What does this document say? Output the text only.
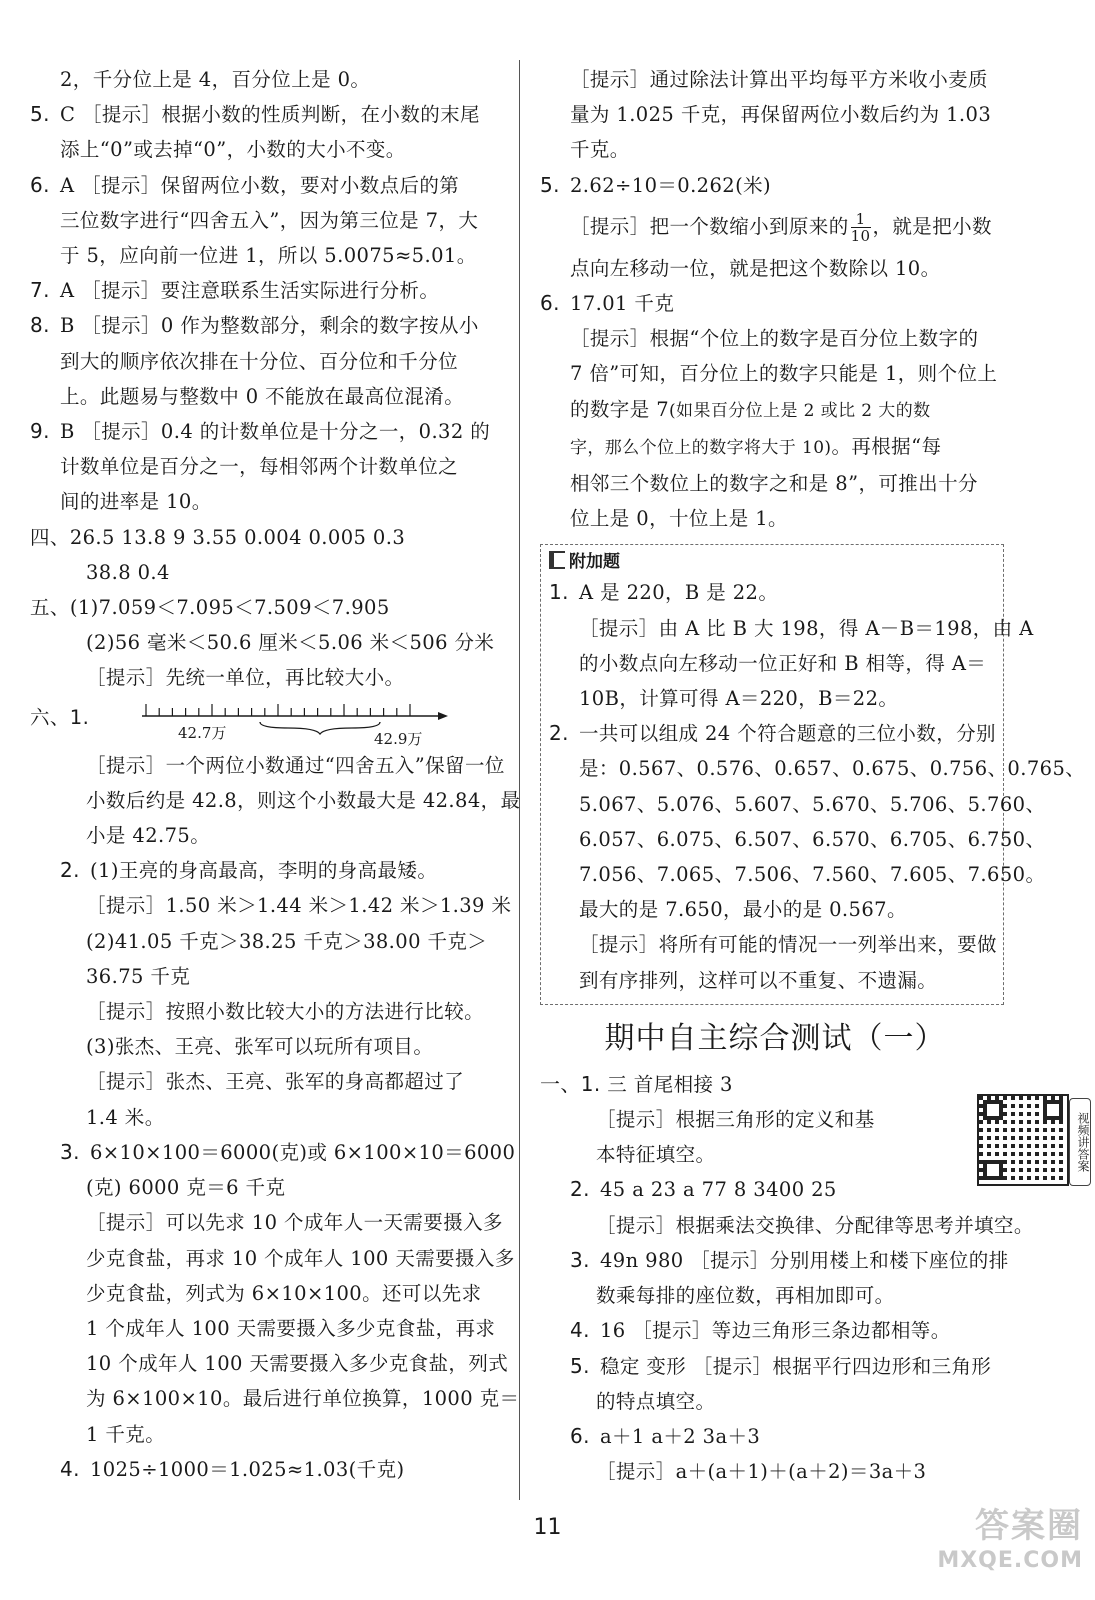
2，千分位上是 4，百分位上是 0。
5. C ［提示］根据小数的性质判断，在小数的末尾
添上“0”或去掉“0”，小数的大小不变。
6. A ［提示］保留两位小数，要对小数点后的第
三位数字进行“四舍五入”，因为第三位是 7，大
于 5，应向前一位进 1，所以 5.0075≈5.01。
7. A ［提示］要注意联系生活实际进行分析。
8. B ［提示］0 作为整数部分，剩余的数字按从小
到大的顺序依次排在十分位、百分位和千分位
上。此题易与整数中 0 不能放在最高位混淆。
9. B ［提示］0.4 的计数单位是十分之一，0.32 的
计数单位是百分之一，每相邻两个计数单位之
间的进率是 10。
四、26.5 13.8 9 3.55 0.004 0.005 0.3
38.8 0.4
五、(1)7.059＜7.095＜7.509＜7.905
(2)56 毫米＜50.6 厘米＜5.06 米＜506 分米
［提示］先统一单位，再比较大小。
六、1.
42.7万	42.9万
［提示］一个两位小数通过“四舍五入”保留一位
小数后约是 42.8，则这个小数最大是 42.84，最
小是 42.75。
2. (1)王亮的身高最高，李明的身高最矮。
［提示］1.50 米＞1.44 米＞1.42 米＞1.39 米
(2)41.05 千克＞38.25 千克＞38.00 千克＞
36.75 千克
［提示］按照小数比较大小的方法进行比较。
(3)张杰、王亮、张军可以玩所有项目。
［提示］张杰、王亮、张军的身高都超过了
1.4 米。
3. 6×10×100＝6000(克)或 6×100×10＝6000
(克) 6000 克＝6 千克
［提示］可以先求 10 个成年人一天需要摄入多
少克食盐，再求 10 个成年人 100 天需要摄入多
少克食盐，列式为 6×10×100。还可以先求
1 个成年人 100 天需要摄入多少克食盐，再求
10 个成年人 100 天需要摄入多少克食盐，列式
为 6×100×10。最后进行单位换算，1000 克＝
1 千克。
4. 1025÷1000＝1.025≈1.03(千克)
［提示］通过除法计算出平均每平方米收小麦质
量为 1.025 千克，再保留两位小数后约为 1.03
千克。
5. 2.62÷10＝0.262(米)
［提示］把一个数缩小到原来的 $\frac{1}{10}$ ，就是把小数
点向左移动一位，就是把这个数除以 10。
6. 17.01 千克
［提示］根据“个位上的数字是百分位上数字的
7 倍”可知，百分位上的数字只能是 1，则个位上
的数字是 7(如果百分位上是 2 或比 2 大的数
字，那么个位上的数字将大于 10)。再根据“每
相邻三个数位上的数字之和是 8”，可推出十分
位上是 0，十位上是 1。
附加题
1. A 是 220，B 是 22。
［提示］由 A 比 B 大 198，得 A－B＝198，由 A
的小数点向左移动一位正好和 B 相等，得 A＝
10B，计算可得 A＝220，B＝22。
2. 一共可以组成 24 个符合题意的三位小数，分别
是：0.567、0.576、0.657、0.675、0.756、0.765、
5.067、5.076、5.607、5.670、5.706、5.760、
6.057、6.075、6.507、6.570、6.705、6.750、
7.056、7.065、7.506、7.560、7.605、7.650。
最大的是 7.650，最小的是 0.567。
［提示］将所有可能的情况一一列举出来，要做
到有序排列，这样可以不重复、不遗漏。
期中自主综合测试（一）
一、1. 三 首尾相接 3
［提示］根据三角形的定义和基
本特征填空。
2. 45 a 23 a 77 8 3400 25
［提示］根据乘法交换律、分配律等思考并填空。
3. 49n 980 ［提示］分别用楼上和楼下座位的排
数乘每排的座位数，再相加即可。
4. 16 ［提示］等边三角形三条边都相等。
5. 稳定 变形 ［提示］根据平行四边形和三角形
的特点填空。
6. a＋1 a＋2 3a＋3
［提示］a＋(a＋1)＋(a＋2)＝3a＋3
视频讲答案
11	答案圈
MXQE.COM
